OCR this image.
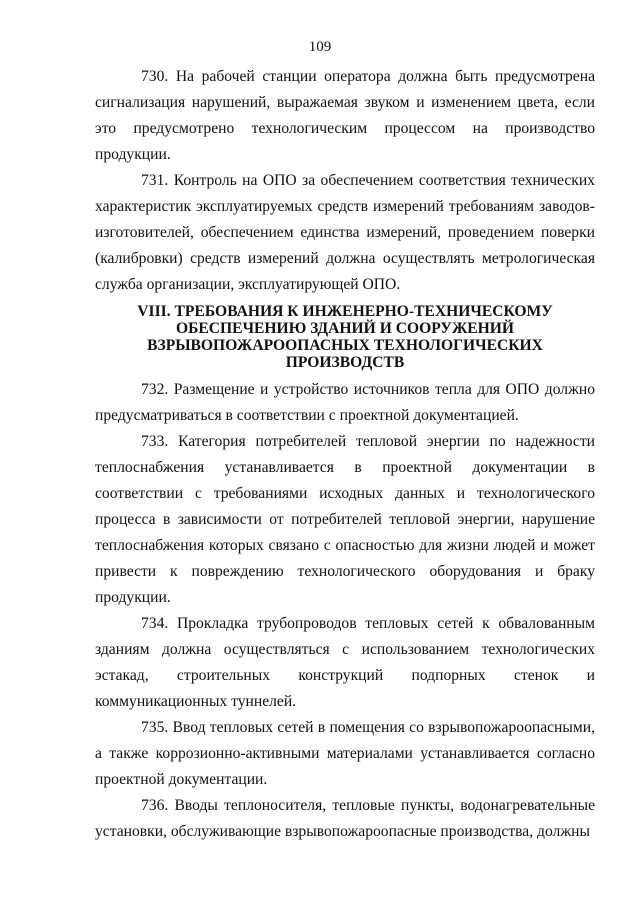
109

730. На рабочей станции оператора должна быть предусмотрена сигнализация нарушений, выражаемая звуком и изменением цвета, если это предусмотрено технологическим процессом на производство продукции.

731. Контроль на ОПО за обеспечением соответствия технических характеристик эксплуатируемых средств измерений требованиям заводов-изготовителей, обеспечением единства измерений, проведением поверки (калибровки) средств измерений должна осуществлять метрологическая служба организации, эксплуатирующей ОПО.

VIII. ТРЕБОВАНИЯ К ИНЖЕНЕРНО-ТЕХНИЧЕСКОМУ
ОБЕСПЕЧЕНИЮ ЗДАНИЙ И СООРУЖЕНИЙ
ВЗРЫВОПОЖАРООПАСНЫХ ТЕХНОЛОГИЧЕСКИХ
ПРОИЗВОДСТВ

732. Размещение и устройство источников тепла для ОПО должно предусматриваться в соответствии с проектной документацией.

733. Категория потребителей тепловой энергии по надежности теплоснабжения устанавливается в проектной документации в соответствии с требованиями исходных данных и технологического процесса в зависимости от потребителей тепловой энергии, нарушение теплоснабжения которых связано с опасностью для жизни людей и может привести к повреждению технологического оборудования и браку продукции.

734. Прокладка трубопроводов тепловых сетей к обвалованным зданиям должна осуществляться с использованием технологических эстакад, строительных конструкций подпорных стенок и коммуникационных туннелей.

735. Ввод тепловых сетей в помещения со взрывопожароопасными, а также коррозионно-активными материалами устанавливается согласно проектной документации.

736. Вводы теплоносителя, тепловые пункты, водонагревательные установки, обслуживающие взрывопожароопасные производства, должны
